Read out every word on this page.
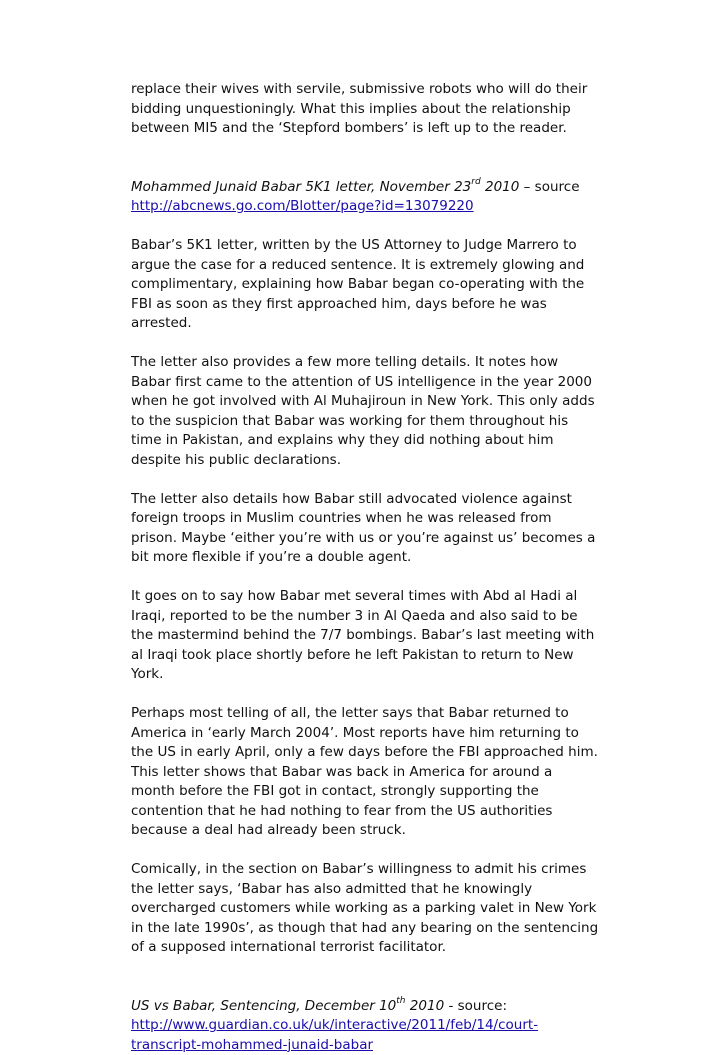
replace their wives with servile, submissive robots who will do their bidding unquestioningly. What this implies about the relationship between MI5 and the ‘Stepford bombers’ is left up to the reader.

Mohammed Junaid Babar 5K1 letter, November 23rd 2010 – source

http://abcnews.go.com/Blotter/page?id=13079220

Babar’s 5K1 letter, written by the US Attorney to Judge Marrero to argue the case for a reduced sentence. It is extremely glowing and complimentary, explaining how Babar began co-operating with the FBI as soon as they first approached him, days before he was arrested.

The letter also provides a few more telling details. It notes how Babar first came to the attention of US intelligence in the year 2000 when he got involved with Al Muhajiroun in New York. This only adds to the suspicion that Babar was working for them throughout his time in Pakistan, and explains why they did nothing about him despite his public declarations.

The letter also details how Babar still advocated violence against foreign troops in Muslim countries when he was released from prison. Maybe ‘either you’re with us or you’re against us’ becomes a bit more flexible if you’re a double agent.

It goes on to say how Babar met several times with Abd al Hadi al Iraqi, reported to be the number 3 in Al Qaeda and also said to be the mastermind behind the 7/7 bombings. Babar’s last meeting with al Iraqi took place shortly before he left Pakistan to return to New York.

Perhaps most telling of all, the letter says that Babar returned to America in ‘early March 2004’. Most reports have him returning to the US in early April, only a few days before the FBI approached him. This letter shows that Babar was back in America for around a month before the FBI got in contact, strongly supporting the contention that he had nothing to fear from the US authorities because a deal had already been struck.

Comically, in the section on Babar’s willingness to admit his crimes the letter says, ‘Babar has also admitted that he knowingly overcharged customers while working as a parking valet in New York in the late 1990s’, as though that had any bearing on the sentencing of a supposed international terrorist facilitator.

US vs Babar, Sentencing, December 10th 2010 - source:

http://www.guardian.co.uk/uk/interactive/2011/feb/14/court-transcript-mohammed-junaid-babar
